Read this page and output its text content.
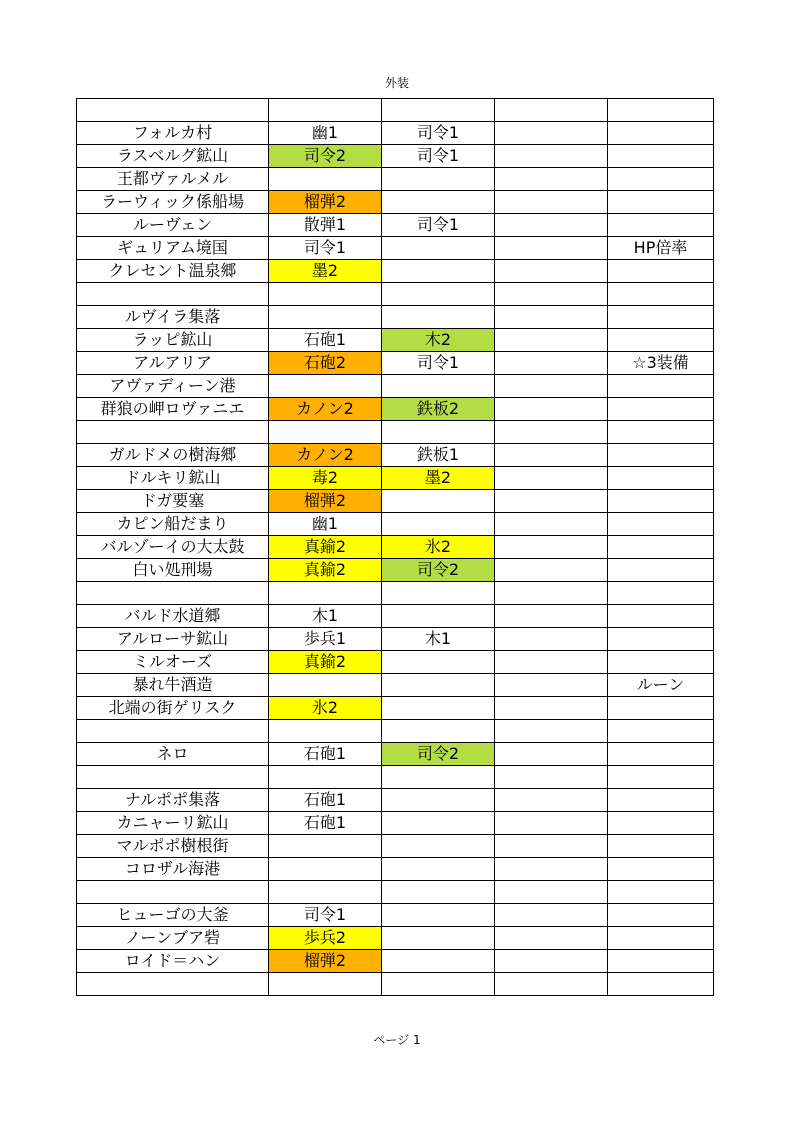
外装

フォルカ村	幽1	司令1		
ラスベルグ鉱山	司令2	司令1		
王都ヴァルメル				
ラーウィック係船場	榴弾2			
ルーヴェン	散弾1	司令1		
ギュリアム境国	司令1			HP倍率
クレセント温泉郷	墨2			

ルヴイラ集落				
ラッピ鉱山	石砲1	木2		
アルアリア	石砲2	司令1		☆3装備
アヴァディーン港				
群狼の岬ロヴァニエ	カノン2	鉄板2		

ガルドメの樹海郷	カノン2	鉄板1		
ドルキリ鉱山	毒2	墨2		
ドガ要塞	榴弾2			
カピン船だまり	幽1			
バルゾーイの大太鼓	真鍮2	氷2		
白い処刑場	真鍮2	司令2		

バルド水道郷	木1			
アルローサ鉱山	歩兵1	木1		
ミルオーズ	真鍮2			
暴れ牛酒造				ルーン
北端の街ゲリスク	氷2			

ネロ	石砲1	司令2		

ナルポポ集落	石砲1			
カニャーリ鉱山	石砲1			
マルポポ樹根街				
コロザル海港				

ヒューゴの大釜	司令1			
ノーンブア砦	歩兵2			
ロイド＝ハン	榴弾2			

ページ 1
